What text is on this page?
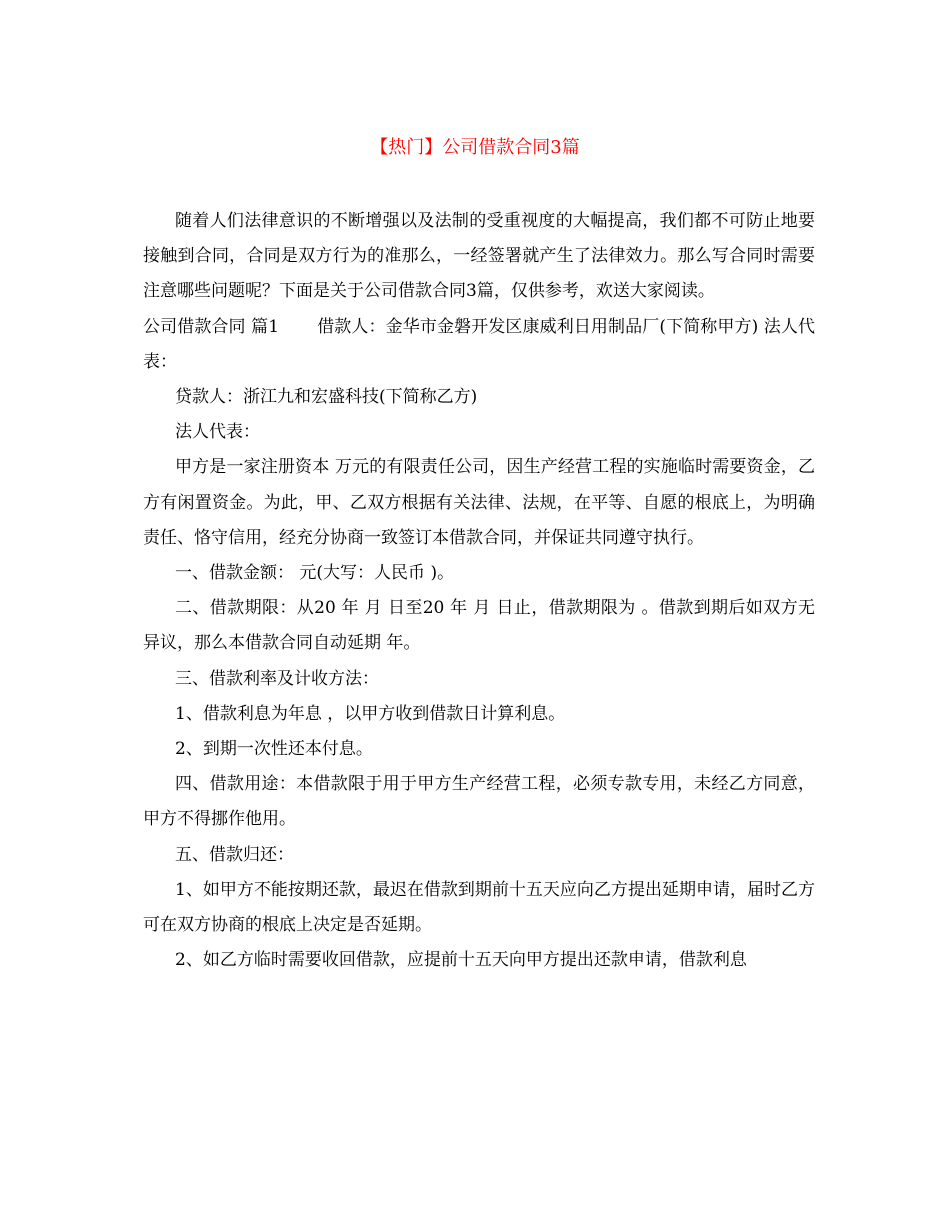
【热门】公司借款合同3篇

随着人们法律意识的不断增强以及法制的受重视度的大幅提高，我们都不可防止地要接触到合同，合同是双方行为的准那么，一经签署就产生了法律效力。那么写合同时需要注意哪些问题呢？下面是关于公司借款合同3篇，仅供参考，欢送大家阅读。

公司借款合同 篇1 借款人：金华市金磐开发区康威利日用制品厂(下简称甲方) 法人代表：

贷款人：浙江九和宏盛科技(下简称乙方)

法人代表：

甲方是一家注册资本 万元的有限责任公司，因生产经营工程的实施临时需要资金，乙方有闲置资金。为此，甲、乙双方根据有关法律、法规，在平等、自愿的根底上，为明确责任、恪守信用，经充分协商一致签订本借款合同，并保证共同遵守执行。

一、借款金额： 元(大写：人民币 )。

二、借款期限：从20 年 月 日至20 年 月 日止，借款期限为 。借款到期后如双方无异议，那么本借款合同自动延期 年。

三、借款利率及计收方法：

1、借款利息为年息 ，以甲方收到借款日计算利息。

2、到期一次性还本付息。

四、借款用途：本借款限于用于甲方生产经营工程，必须专款专用，未经乙方同意，甲方不得挪作他用。

五、借款归还：

1、如甲方不能按期还款，最迟在借款到期前十五天应向乙方提出延期申请，届时乙方可在双方协商的根底上决定是否延期。

2、如乙方临时需要收回借款，应提前十五天向甲方提出还款申请，借款利息
